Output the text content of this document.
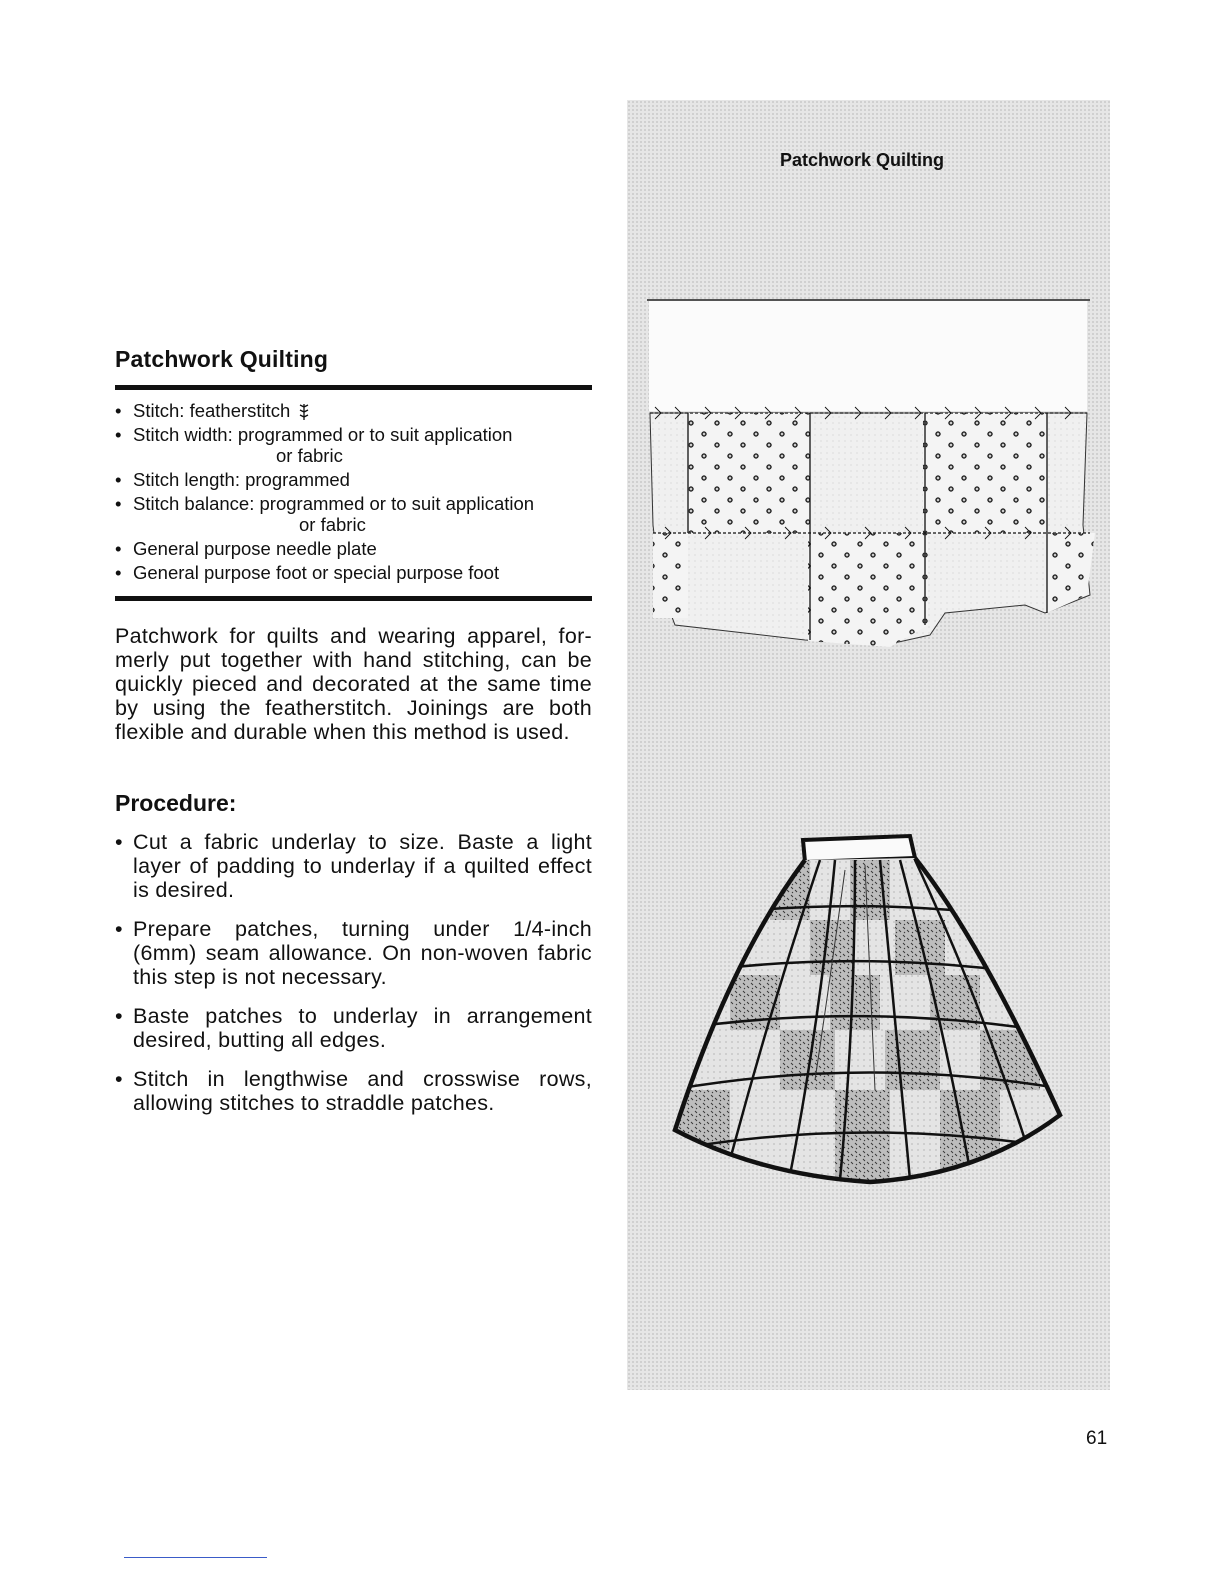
Patchwork Quilting
• Stitch: featherstitch
• Stitch width: programmed or to suit application
or fabric
• Stitch length: programmed
• Stitch balance: programmed or to suit application
or fabric
• General purpose needle plate
• General purpose foot or special purpose foot

Patchwork for quilts and wearing apparel, for-merly put together with hand stitching, can be quickly pieced and decorated at the same time by using the featherstitch. Joinings are both flexible and durable when this method is used.

Procedure:
• Cut a fabric underlay to size. Baste a light layer of padding to underlay if a quilted effect is desired.
• Prepare patches, turning under 1/4-inch (6mm) seam allowance. On non-woven fabric this step is not necessary.
• Baste patches to underlay in arrangement desired, butting all edges.
• Stitch in lengthwise and crosswise rows, allowing stitches to straddle patches.
Patchwork Quilting
61
